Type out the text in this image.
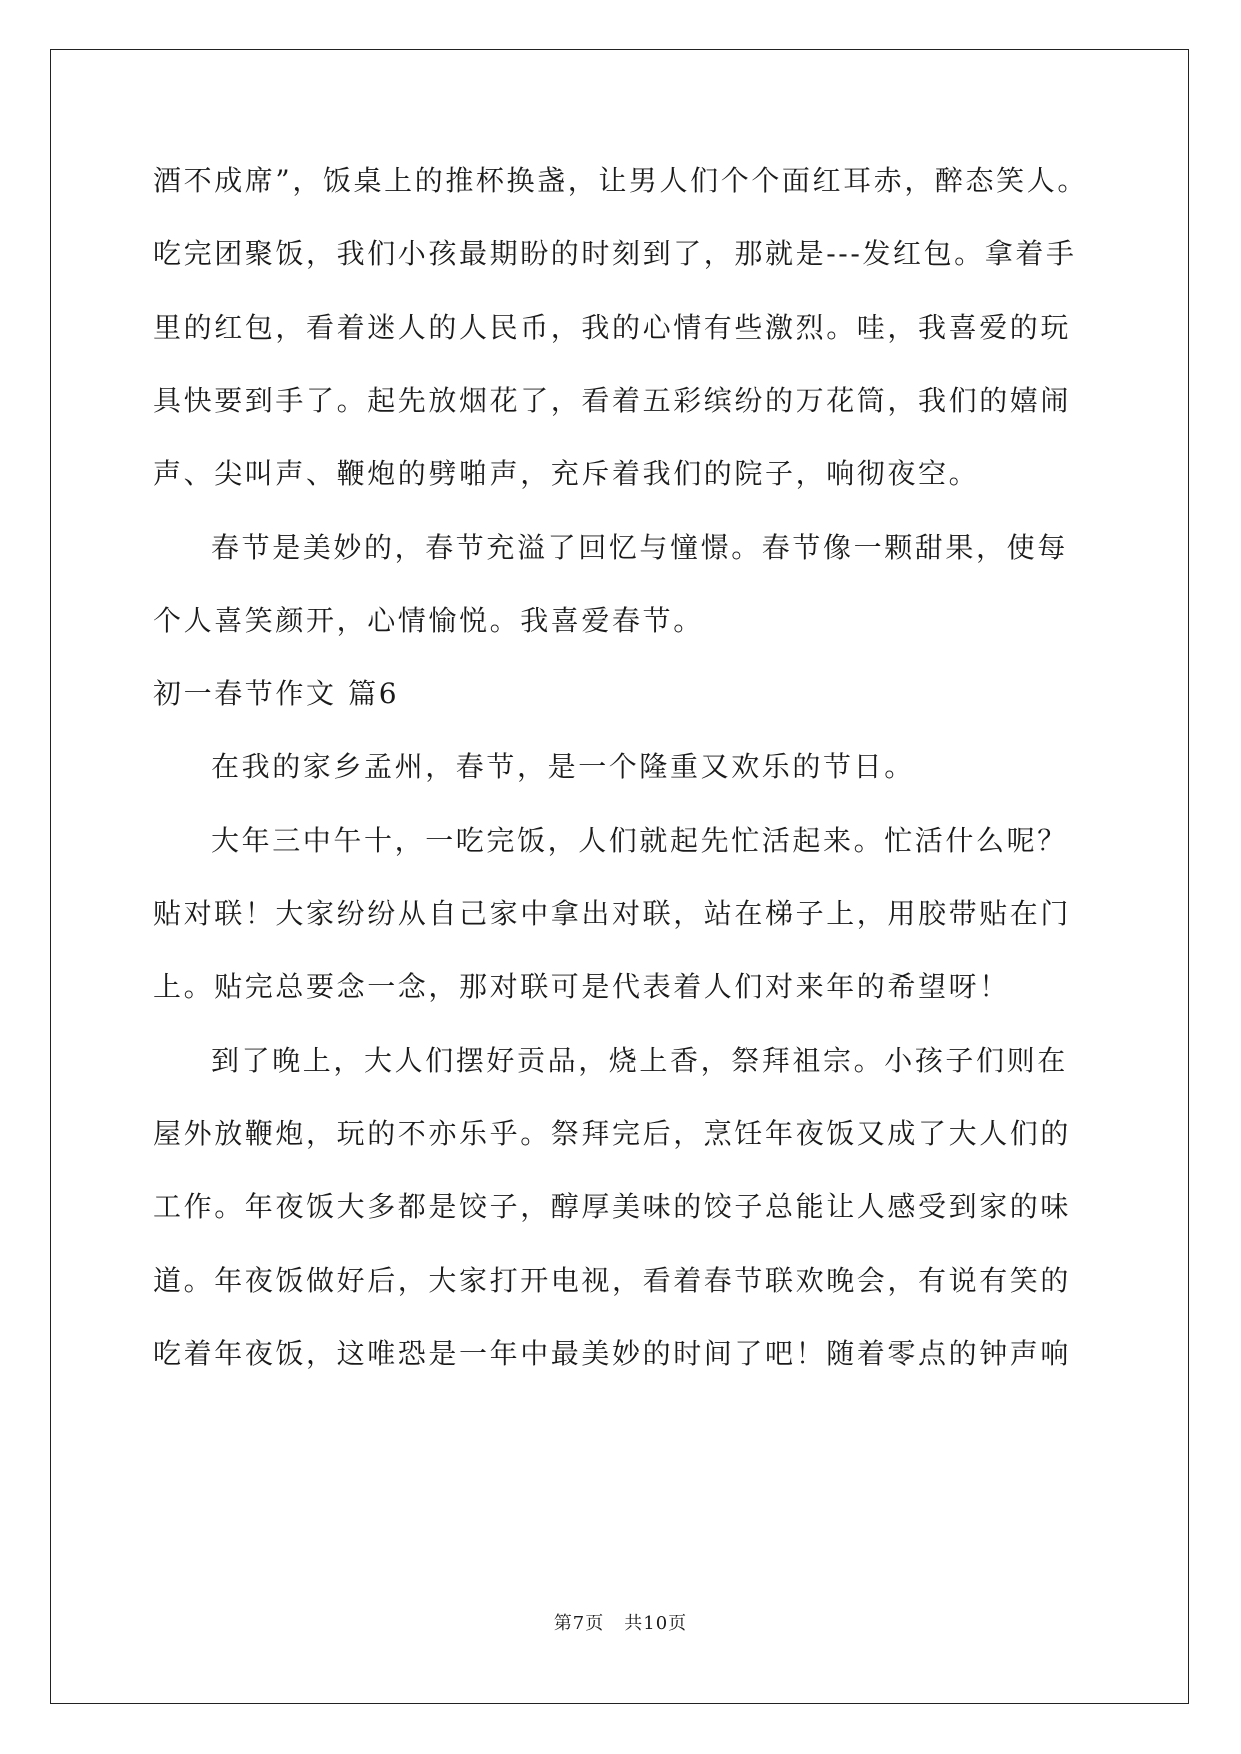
酒不成席”，饭桌上的推杯换盏，让男人们个个面红耳赤，醉态笑人。
吃完团聚饭，我们小孩最期盼的时刻到了，那就是---发红包。拿着手
里的红包，看着迷人的人民币，我的心情有些激烈。哇，我喜爱的玩
具快要到手了。起先放烟花了，看着五彩缤纷的万花筒，我们的嬉闹
声、尖叫声、鞭炮的劈啪声，充斥着我们的院子，响彻夜空。
春节是美妙的，春节充溢了回忆与憧憬。春节像一颗甜果，使每
个人喜笑颜开，心情愉悦。我喜爱春节。
初一春节作文 篇6
在我的家乡孟州，春节，是一个隆重又欢乐的节日。
大年三中午十，一吃完饭，人们就起先忙活起来。忙活什么呢？
贴对联！大家纷纷从自己家中拿出对联，站在梯子上，用胶带贴在门
上。贴完总要念一念，那对联可是代表着人们对来年的希望呀！
到了晚上，大人们摆好贡品，烧上香，祭拜祖宗。小孩子们则在
屋外放鞭炮，玩的不亦乐乎。祭拜完后，烹饪年夜饭又成了大人们的
工作。年夜饭大多都是饺子，醇厚美味的饺子总能让人感受到家的味
道。年夜饭做好后，大家打开电视，看着春节联欢晚会，有说有笑的
吃着年夜饭，这唯恐是一年中最美妙的时间了吧！随着零点的钟声响
第7页 共10页
